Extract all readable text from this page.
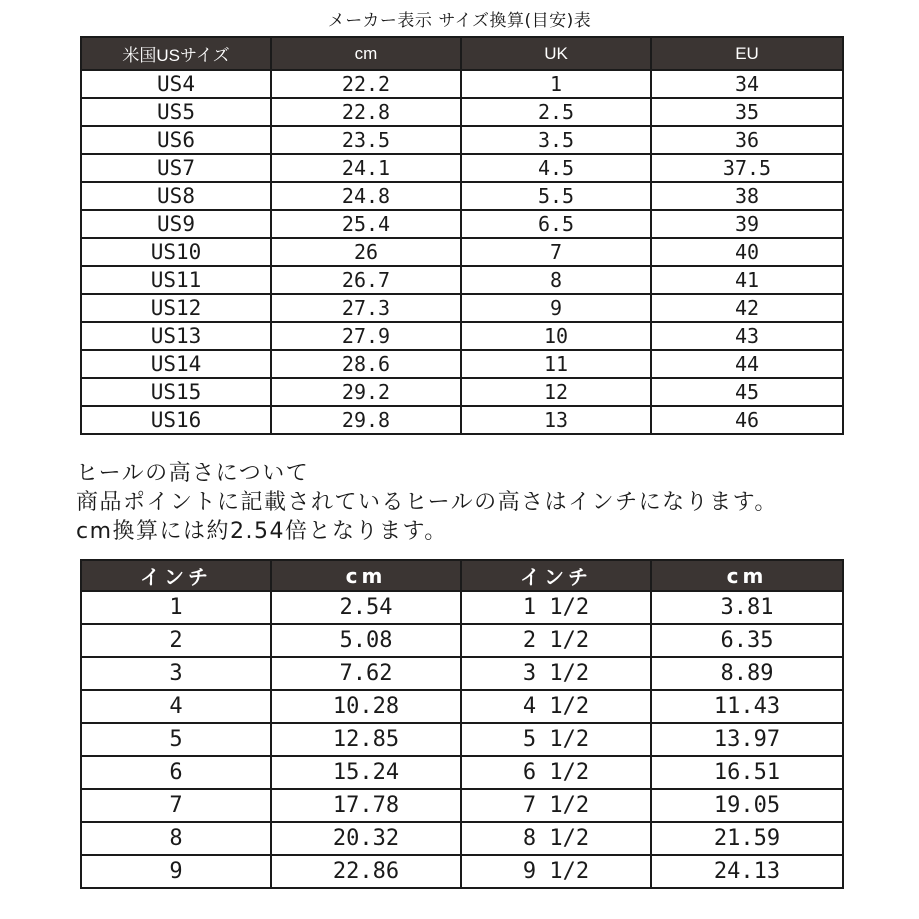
メーカー表示 サイズ換算(目安)表
米国USサイズ	cm	UK	EU
US4	22.2	1	34
US5	22.8	2.5	35
US6	23.5	3.5	36
US7	24.1	4.5	37.5
US8	24.8	5.5	38
US9	25.4	6.5	39
US10	26	7	40
US11	26.7	8	41
US12	27.3	9	42
US13	27.9	10	43
US14	28.6	11	44
US15	29.2	12	45
US16	29.8	13	46
ヒールの高さについて
商品ポイントに記載されているヒールの高さはインチになります。
cm換算には約2.54倍となります。
インチ	cm	インチ	cm
1	2.54	1 1/2	3.81
2	5.08	2 1/2	6.35
3	7.62	3 1/2	8.89
4	10.28	4 1/2	11.43
5	12.85	5 1/2	13.97
6	15.24	6 1/2	16.51
7	17.78	7 1/2	19.05
8	20.32	8 1/2	21.59
9	22.86	9 1/2	24.13
